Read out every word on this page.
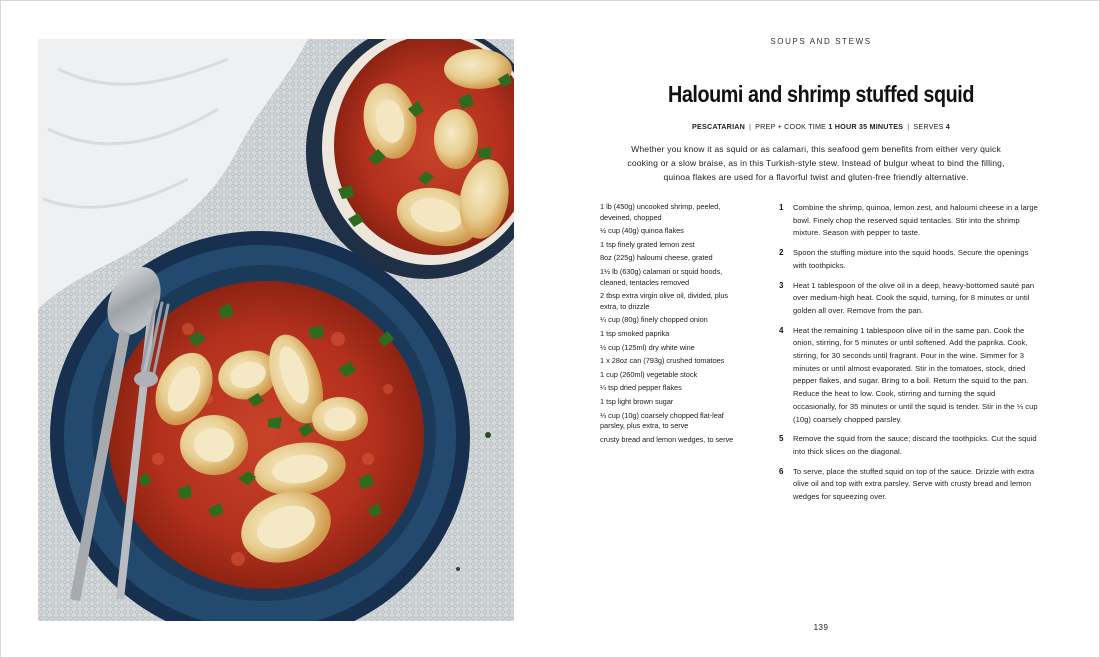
SOUPS AND STEWS
Haloumi and shrimp stuffed squid
PESCATARIAN | PREP + COOK TIME 1 HOUR 35 MINUTES | SERVES 4
Whether you know it as squid or as calamari, this seafood gem benefits from either very quick cooking or a slow braise, as in this Turkish-style stew. Instead of bulgur wheat to bind the filling, quinoa flakes are used for a flavorful twist and gluten-free friendly alternative.
1 lb (450g) uncooked shrimp, peeled, deveined, chopped
½ cup (40g) quinoa flakes
1 tsp finely grated lemon zest
8oz (225g) haloumi cheese, grated
1½ lb (630g) calamari or squid hoods, cleaned, tentacles removed
2 tbsp extra virgin olive oil, divided, plus extra, to drizzle
¼ cup (80g) finely chopped onion
1 tsp smoked paprika
½ cup (125ml) dry white wine
1 x 28oz can (793g) crushed tomatoes
1 cup (260ml) vegetable stock
¼ tsp dried pepper flakes
1 tsp light brown sugar
⅓ cup (10g) coarsely chopped flat-leaf parsley, plus extra, to serve
crusty bread and lemon wedges, to serve
1	Combine the shrimp, quinoa, lemon zest, and haloumi cheese in a large bowl. Finely chop the reserved squid tentacles. Stir into the shrimp mixture. Season with pepper to taste.
2	Spoon the stuffing mixture into the squid hoods. Secure the openings with toothpicks.
3	Heat 1 tablespoon of the olive oil in a deep, heavy-bottomed sauté pan over medium-high heat. Cook the squid, turning, for 8 minutes or until golden all over. Remove from the pan.
4	Heat the remaining 1 tablespoon olive oil in the same pan. Cook the onion, stirring, for 5 minutes or until softened. Add the paprika. Cook, stirring, for 30 seconds until fragrant. Pour in the wine. Simmer for 3 minutes or until almost evaporated. Stir in the tomatoes, stock, dried pepper flakes, and sugar. Bring to a boil. Return the squid to the pan. Reduce the heat to low. Cook, stirring and turning the squid occasionally, for 35 minutes or until the squid is tender. Stir in the ⅓ cup (10g) coarsely chopped parsley.
5	Remove the squid from the sauce; discard the toothpicks. Cut the squid into thick slices on the diagonal.
6	To serve, place the stuffed squid on top of the sauce. Drizzle with extra olive oil and top with extra parsley. Serve with crusty bread and lemon wedges for squeezing over.
139
